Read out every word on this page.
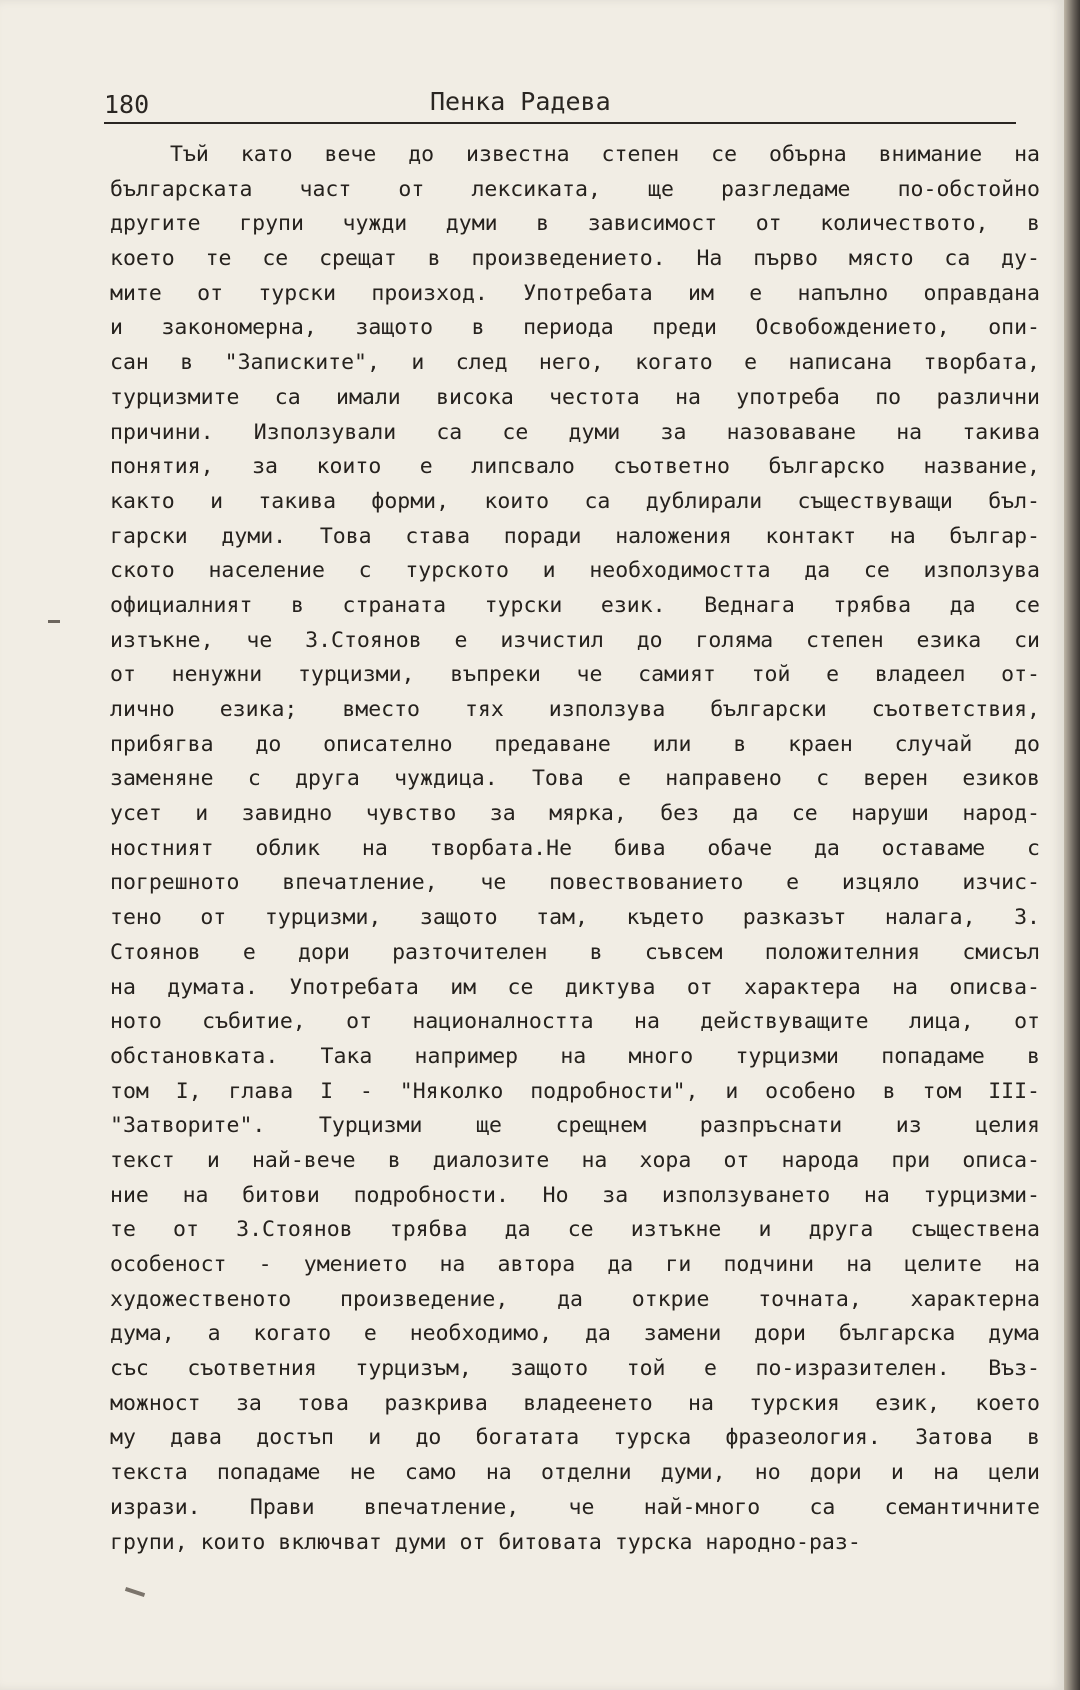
180	Пенка Радева
Тъй като вече до известна степен се обърна внимание на
българската част от лексиката, ще разгледаме по-обстойно
другите групи чужди думи в зависимост от количеството, в
което те се срещат в произведението. На първо място са ду-
мите от турски произход. Употребата им е напълно оправдана
и закономерна, защото в периода преди Освобождението, опи-
сан в "Записките", и след него, когато е написана творбата,
турцизмите са имали висока честота на употреба по различни
причини. Използували са се думи за назоваване на такива
понятия, за които е липсвало съответно българско название,
както и такива форми, които са дублирали съществуващи бъл-
гарски думи. Това става поради наложения контакт на българ-
ското население с турското и необходимостта да се използува
официалният в страната турски език. Веднага трябва да се
изтъкне, че З.Стоянов е изчистил до голяма степен езика си
от ненужни турцизми, въпреки че самият той е владеел от-
лично езика; вместо тях използува български съответствия,
прибягва до описателно предаване или в краен случай до
заменяне с друга чуждица. Това е направено с верен езиков
усет и завидно чувство за мярка, без да се наруши народ-
ностният облик на творбата.Не бива обаче да оставаме с
погрешното впечатление, че повествованието е изцяло изчис-
тено от турцизми, защото там, където разказът налага, З.
Стоянов е дори разточителен в съвсем положителния смисъл
на думата. Употребата им се диктува от характера на описва-
ното събитие, от националността на действуващите лица, от
обстановката. Така например на много турцизми попадаме в
том I, глава I - "Няколко подробности", и особено в том III-
"Затворите". Турцизми ще срещнем разпръснати из целия
текст и най-вече в диалозите на хора от народа при описа-
ние на битови подробности. Но за използуването на турцизми-
те от З.Стоянов трябва да се изтъкне и друга съществена
особеност - умението на автора да ги подчини на целите на
художественото произведение, да открие точната, характерна
дума, а когато е необходимо, да замени дори българска дума
със съответния турцизъм, защото той е по-изразителен. Въз-
можност за това разкрива владеенето на турския език, което
му дава достъп и до богатата турска фразеология. Затова в
текста попадаме не само на отделни думи, но дори и на цели
изрази. Прави впечатление, че най-много са семантичните
групи, които включват думи от битовата турска народно-раз-
